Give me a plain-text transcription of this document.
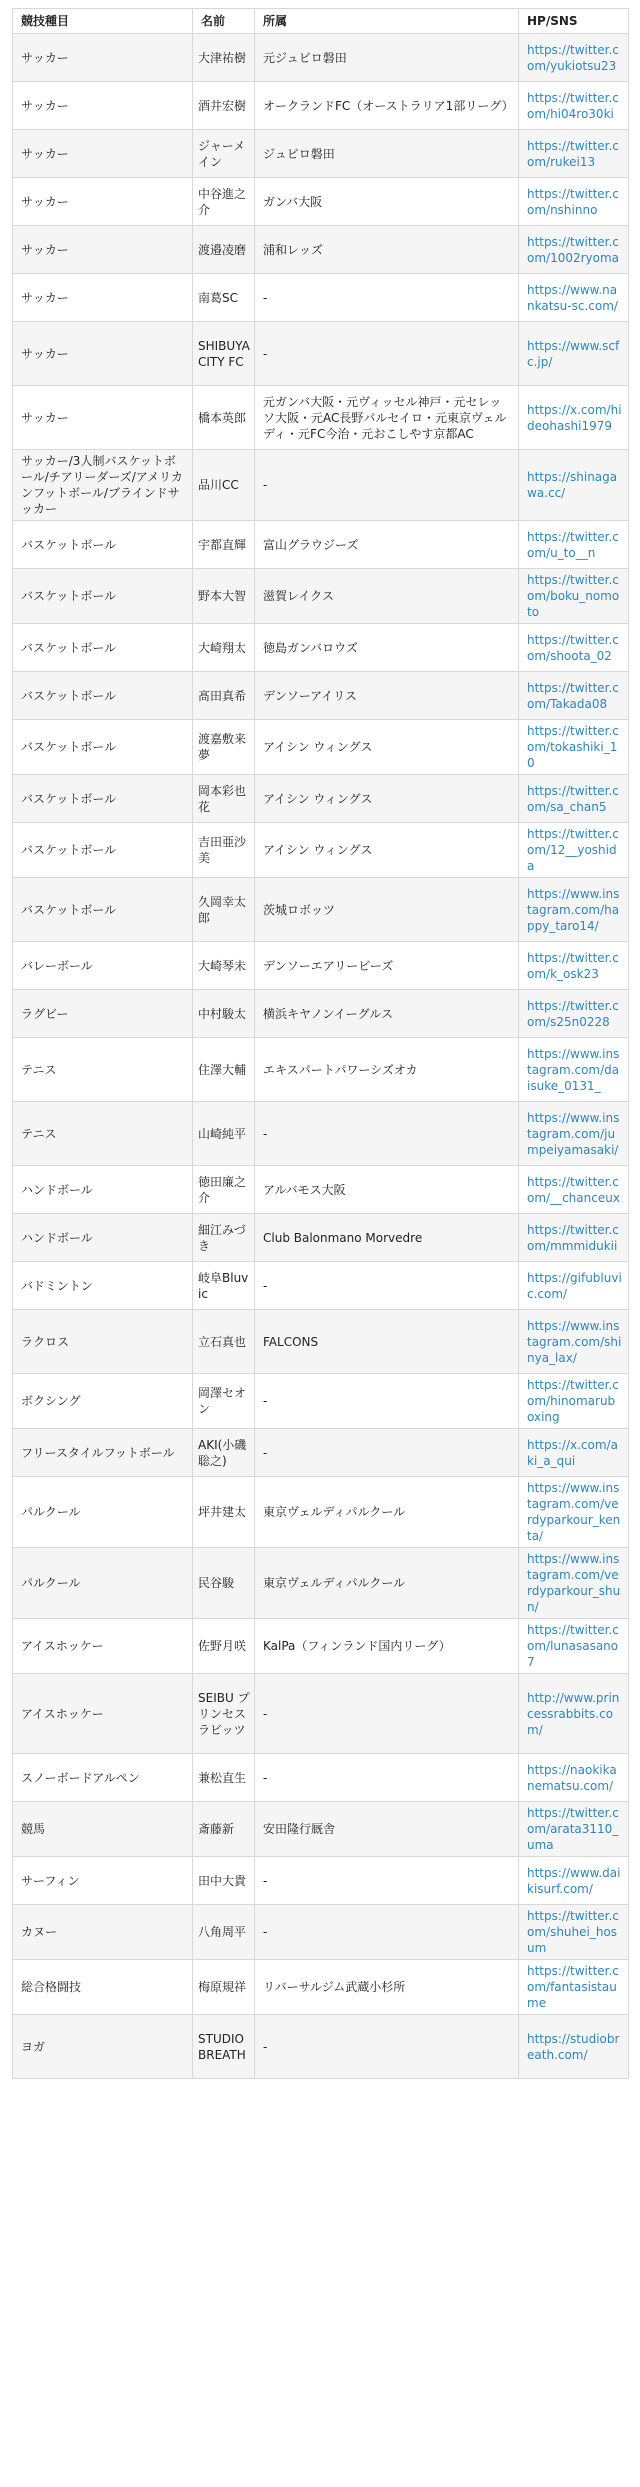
競技種目	名前	所属	HP/SNS
サッカー	大津祐樹	元ジュビロ磐田	https://twitter.com/yukiotsu23
サッカー	酒井宏樹	オークランドFC（オーストラリア1部リーグ）	https://twitter.com/hi04ro30ki
サッカー	ジャーメイン	ジュビロ磐田	https://twitter.com/rukei13
サッカー	中谷進之介	ガンバ大阪	https://twitter.com/nshinno
サッカー	渡邉凌磨	浦和レッズ	https://twitter.com/1002ryoma
サッカー	南葛SC	-	https://www.nankatsu-sc.com/
サッカー	SHIBUYA CITY FC	-	https://www.scfc.jp/
サッカー	橋本英郎	元ガンバ大阪・元ヴィッセル神戸・元セレッソ大阪・元AC長野パルセイロ・元東京ヴェルディ・元FC今治・元おこしやす京都AC	https://x.com/hideohashi1979
サッカー/3人制バスケットボール/チアリーダーズ/アメリカンフットボール/ブラインドサッカー	品川CC	-	https://shinagawa.cc/
バスケットボール	宇都直輝	富山グラウジーズ	https://twitter.com/u_to__n
バスケットボール	野本大智	滋賀レイクス	https://twitter.com/boku_nomoto
バスケットボール	大崎翔太	徳島ガンバロウズ	https://twitter.com/shoota_02
バスケットボール	髙田真希	デンソーアイリス	https://twitter.com/Takada08
バスケットボール	渡嘉敷来夢	アイシン ウィングス	https://twitter.com/tokashiki_10
バスケットボール	岡本彩也花	アイシン ウィングス	https://twitter.com/sa_chan5
バスケットボール	吉田亜沙美	アイシン ウィングス	https://twitter.com/12__yoshida
バスケットボール	久岡幸太郎	茨城ロボッツ	https://www.instagram.com/happy_taro14/
バレーボール	大崎琴未	デンソーエアリービーズ	https://twitter.com/k_osk23
ラグビー	中村駿太	横浜キヤノンイーグルス	https://twitter.com/s25n0228
テニス	住澤大輔	エキスパートパワーシズオカ	https://www.instagram.com/daisuke_0131_
テニス	山崎純平	-	https://www.instagram.com/jumpeiyamasaki/
ハンドボール	徳田廉之介	アルバモス大阪	https://twitter.com/__chanceux
ハンドボール	細江みづき	Club Balonmano Morvedre	https://twitter.com/mmmidukii
バドミントン	岐阜Bluvic	-	https://gifubluvic.com/
ラクロス	立石真也	FALCONS	https://www.instagram.com/shinya_lax/
ボクシング	岡澤セオン	-	https://twitter.com/hinomaruboxing
フリースタイルフットボール	AKI(小磯聡之)	-	https://x.com/aki_a_qui
パルクール	坪井建太	東京ヴェルディパルクール	https://www.instagram.com/verdyparkour_kenta/
パルクール	民谷駿	東京ヴェルディパルクール	https://www.instagram.com/verdyparkour_shun/
アイスホッケー	佐野月咲	KalPa（フィンランド国内リーグ）	https://twitter.com/lunasasano7
アイスホッケー	SEIBU プリンセスラビッツ	-	http://www.princessrabbits.com/
スノーボードアルペン	兼松直生	-	https://naokikanematsu.com/
競馬	斎藤新	安田隆行厩舎	https://twitter.com/arata3110_uma
サーフィン	田中大貴	-	https://www.daikisurf.com/
カヌー	八角周平	-	https://twitter.com/shuhei_hosum
総合格闘技	梅原規祥	リバーサルジム武蔵小杉所	https://twitter.com/fantasistaume
ヨガ	STUDIO BREATH	-	https://studiobreath.com/
